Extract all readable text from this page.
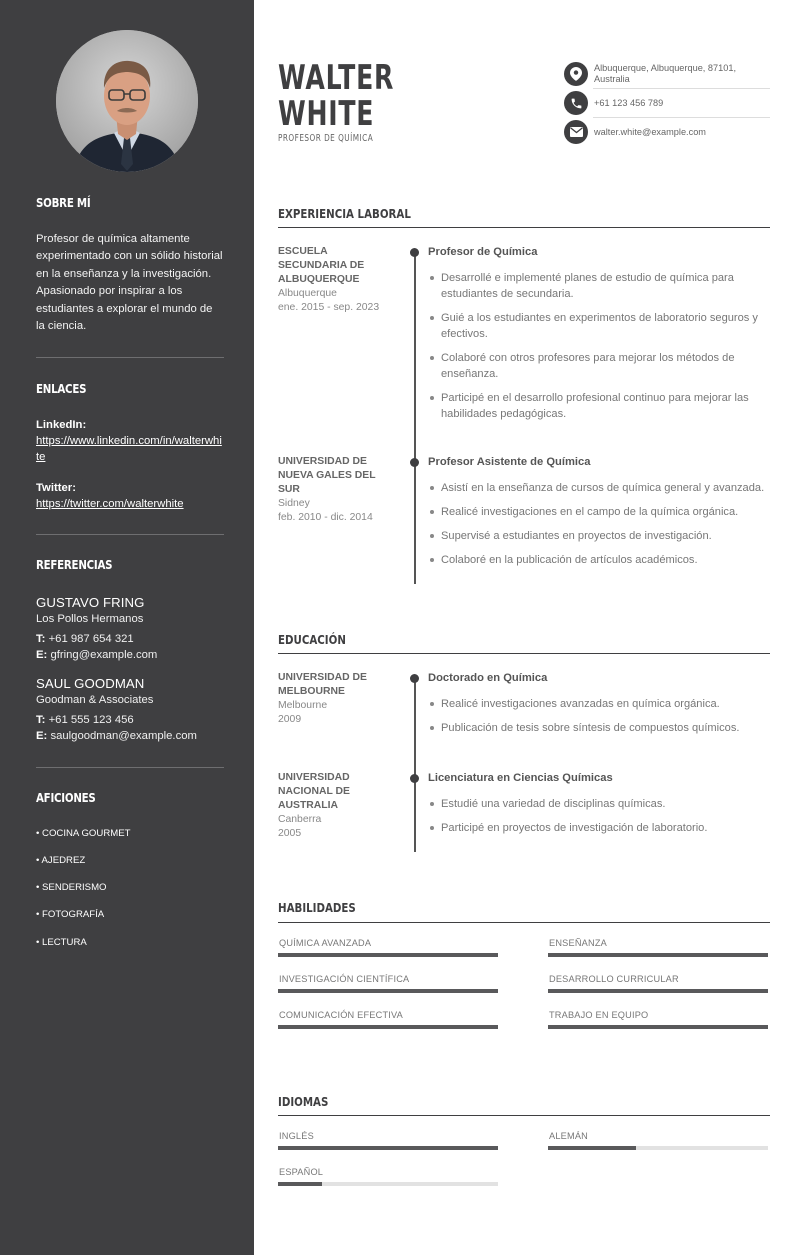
SOBRE MÍ
Profesor de química altamente experimentado con un sólido historial en la enseñanza y la investigación. Apasionado por inspirar a los estudiantes a explorar el mundo de la ciencia.
ENLACES
LinkedIn:
https://www.linkedin.com/in/walterwhite
Twitter:
https://twitter.com/walterwhite
REFERENCIAS
GUSTAVO FRING
Los Pollos Hermanos
T: +61 987 654 321
E: gfring@example.com
SAUL GOODMAN
Goodman & Associates
T: +61 555 123 456
E: saulgoodman@example.com
AFICIONES
• COCINA GOURMET
• AJEDREZ
• SENDERISMO
• FOTOGRAFÍA
• LECTURA
WALTER
WHITE
PROFESOR DE QUÍMICA
Albuquerque, Albuquerque, 87101, Australia
+61 123 456 789
walter.white@example.com
EXPERIENCIA LABORAL
ESCUELA SECUNDARIA DE ALBUQUERQUE
Albuquerque
ene. 2015 - sep. 2023
Profesor de Química
Desarrollé e implementé planes de estudio de química para estudiantes de secundaria.
Guié a los estudiantes en experimentos de laboratorio seguros y efectivos.
Colaboré con otros profesores para mejorar los métodos de enseñanza.
Participé en el desarrollo profesional continuo para mejorar las habilidades pedagógicas.
UNIVERSIDAD DE NUEVA GALES DEL SUR
Sidney
feb. 2010 - dic. 2014
Profesor Asistente de Química
Asistí en la enseñanza de cursos de química general y avanzada.
Realicé investigaciones en el campo de la química orgánica.
Supervisé a estudiantes en proyectos de investigación.
Colaboré en la publicación de artículos académicos.
EDUCACIÓN
UNIVERSIDAD DE MELBOURNE
Melbourne
2009
Doctorado en Química
Realicé investigaciones avanzadas en química orgánica.
Publicación de tesis sobre síntesis de compuestos químicos.
UNIVERSIDAD NACIONAL DE AUSTRALIA
Canberra
2005
Licenciatura en Ciencias Químicas
Estudié una variedad de disciplinas químicas.
Participé en proyectos de investigación de laboratorio.
HABILIDADES
QUÍMICA AVANZADA	ENSEÑANZA
INVESTIGACIÓN CIENTÍFICA	DESARROLLO CURRICULAR
COMUNICACIÓN EFECTIVA	TRABAJO EN EQUIPO
IDIOMAS
INGLÉS	ALEMÁN
ESPAÑOL
